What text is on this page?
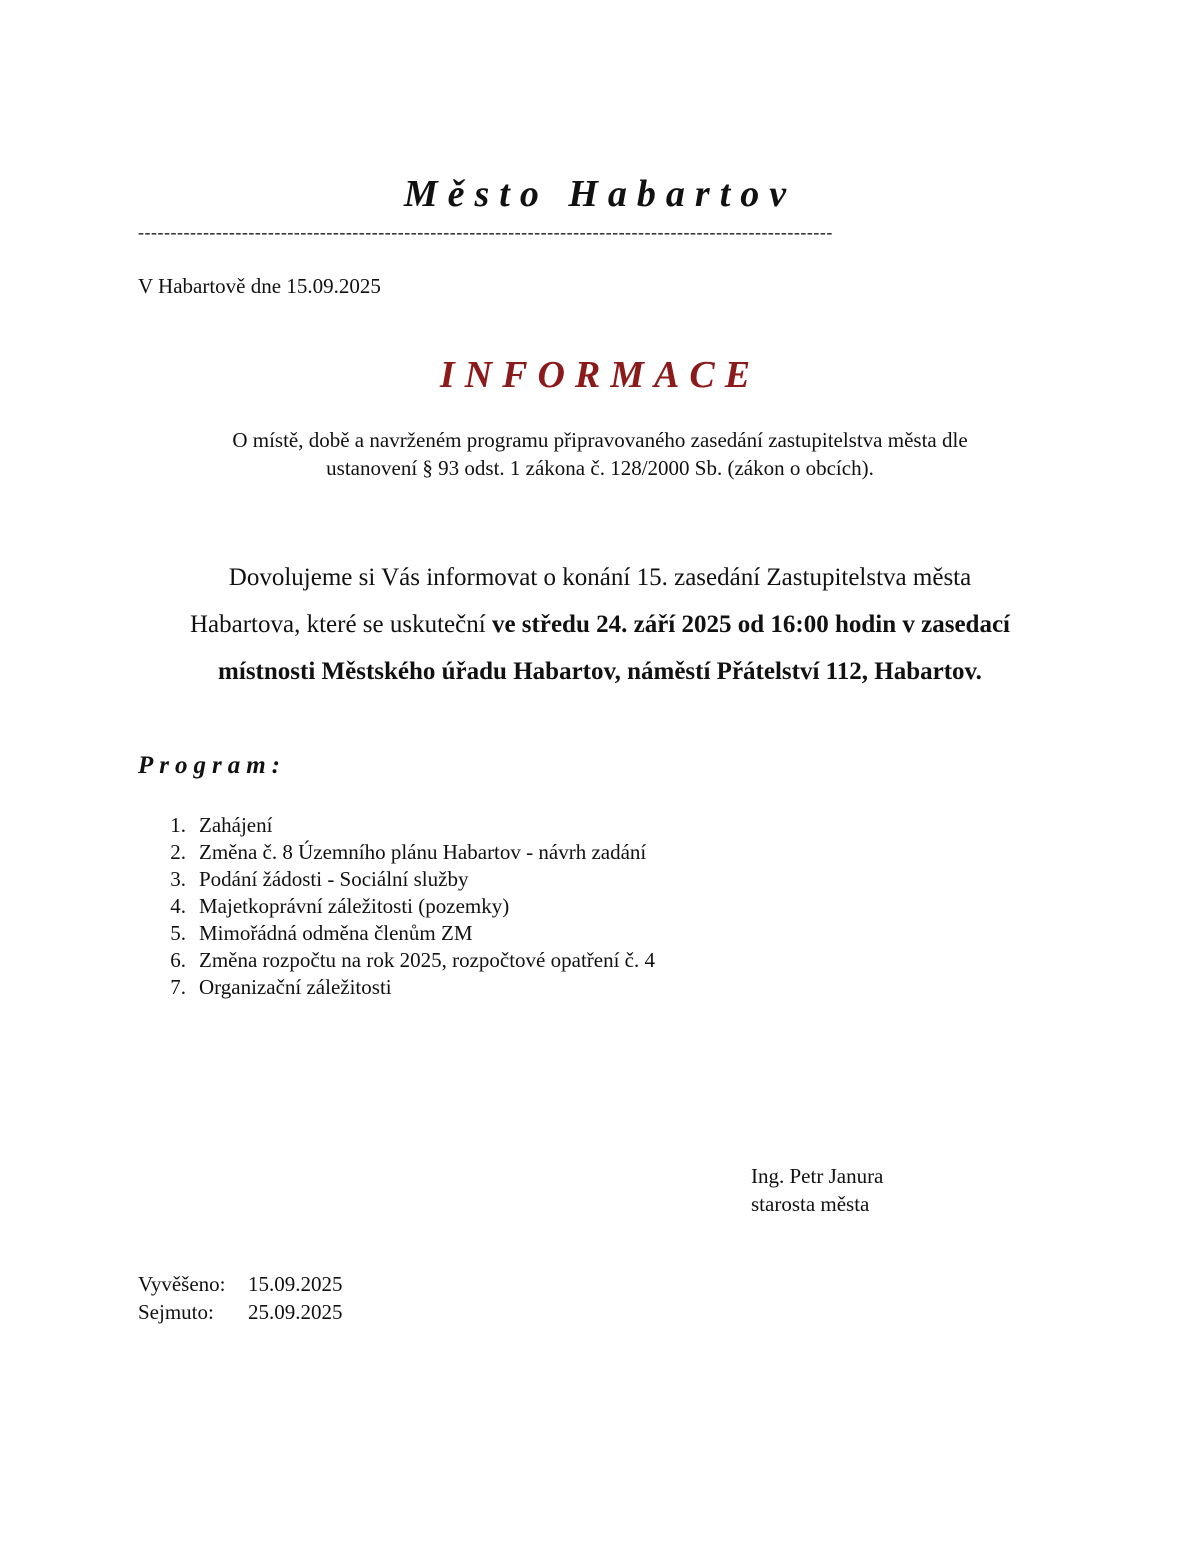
Město Habartov
-----------------------------------------------------------------------------------------------------------
V Habartově dne 15.09.2025
INFORMACE
O místě, době a navrženém programu připravovaného zasedání zastupitelstva města dle
ustanovení § 93 odst. 1 zákona č. 128/2000 Sb. (zákon o obcích).
Dovolujeme si Vás informovat o konání 15. zasedání Zastupitelstva města
Habartova, které se uskuteční ve středu 24. září 2025 od 16:00 hodin v zasedací
místnosti Městského úřadu Habartov, náměstí Přátelství 112, Habartov.
Program:
1. Zahájení
2. Změna č. 8 Územního plánu Habartov - návrh zadání
3. Podání žádosti - Sociální služby
4. Majetkoprávní záležitosti (pozemky)
5. Mimořádná odměna členům ZM
6. Změna rozpočtu na rok 2025, rozpočtové opatření č. 4
7. Organizační záležitosti
Ing. Petr Janura
starosta města
Vyvěšeno:	15.09.2025
Sejmuto:	25.09.2025
